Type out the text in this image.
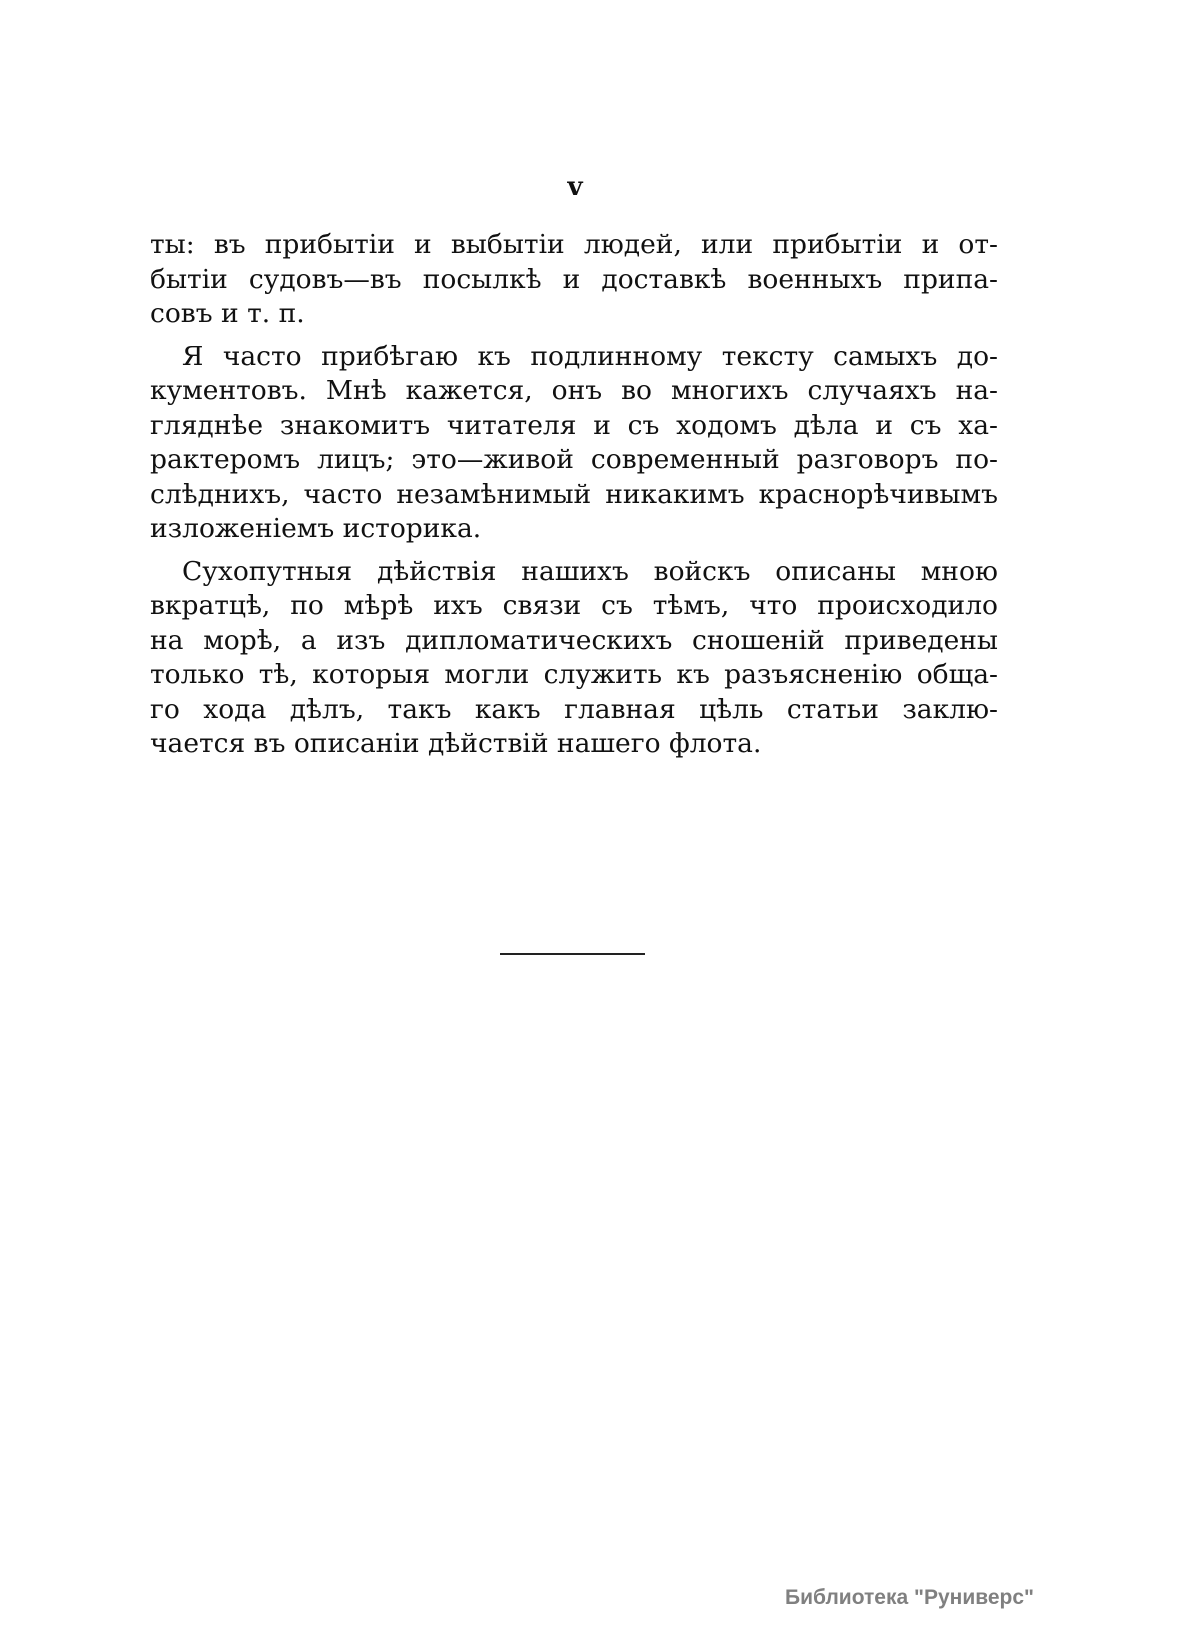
v
ты: въ прибытіи и выбытіи людей, или прибытіи и от-
бытіи судовъ—въ посылкѣ и доставкѣ военныхъ припа-
совъ и т. п.
Я часто прибѣгаю къ подлинному тексту самыхъ до-
кументовъ. Мнѣ кажется, онъ во многихъ случаяхъ на-
гляднѣе знакомитъ читателя и съ ходомъ дѣла и съ ха-
рактеромъ лицъ; это—живой современный разговоръ по-
слѣднихъ, часто незамѣнимый никакимъ краснорѣчивымъ
изложеніемъ историка.
Сухопутныя дѣйствія нашихъ войскъ описаны мною
вкратцѣ, по мѣрѣ ихъ связи съ тѣмъ, что происходило
на морѣ, а изъ дипломатическихъ сношеній приведены
только тѣ, которыя могли служить къ разъясненію обща-
го хода дѣлъ, такъ какъ главная цѣль статьи заклю-
чается въ описаніи дѣйствій нашего флота.
Библиотека "Руниверс"
